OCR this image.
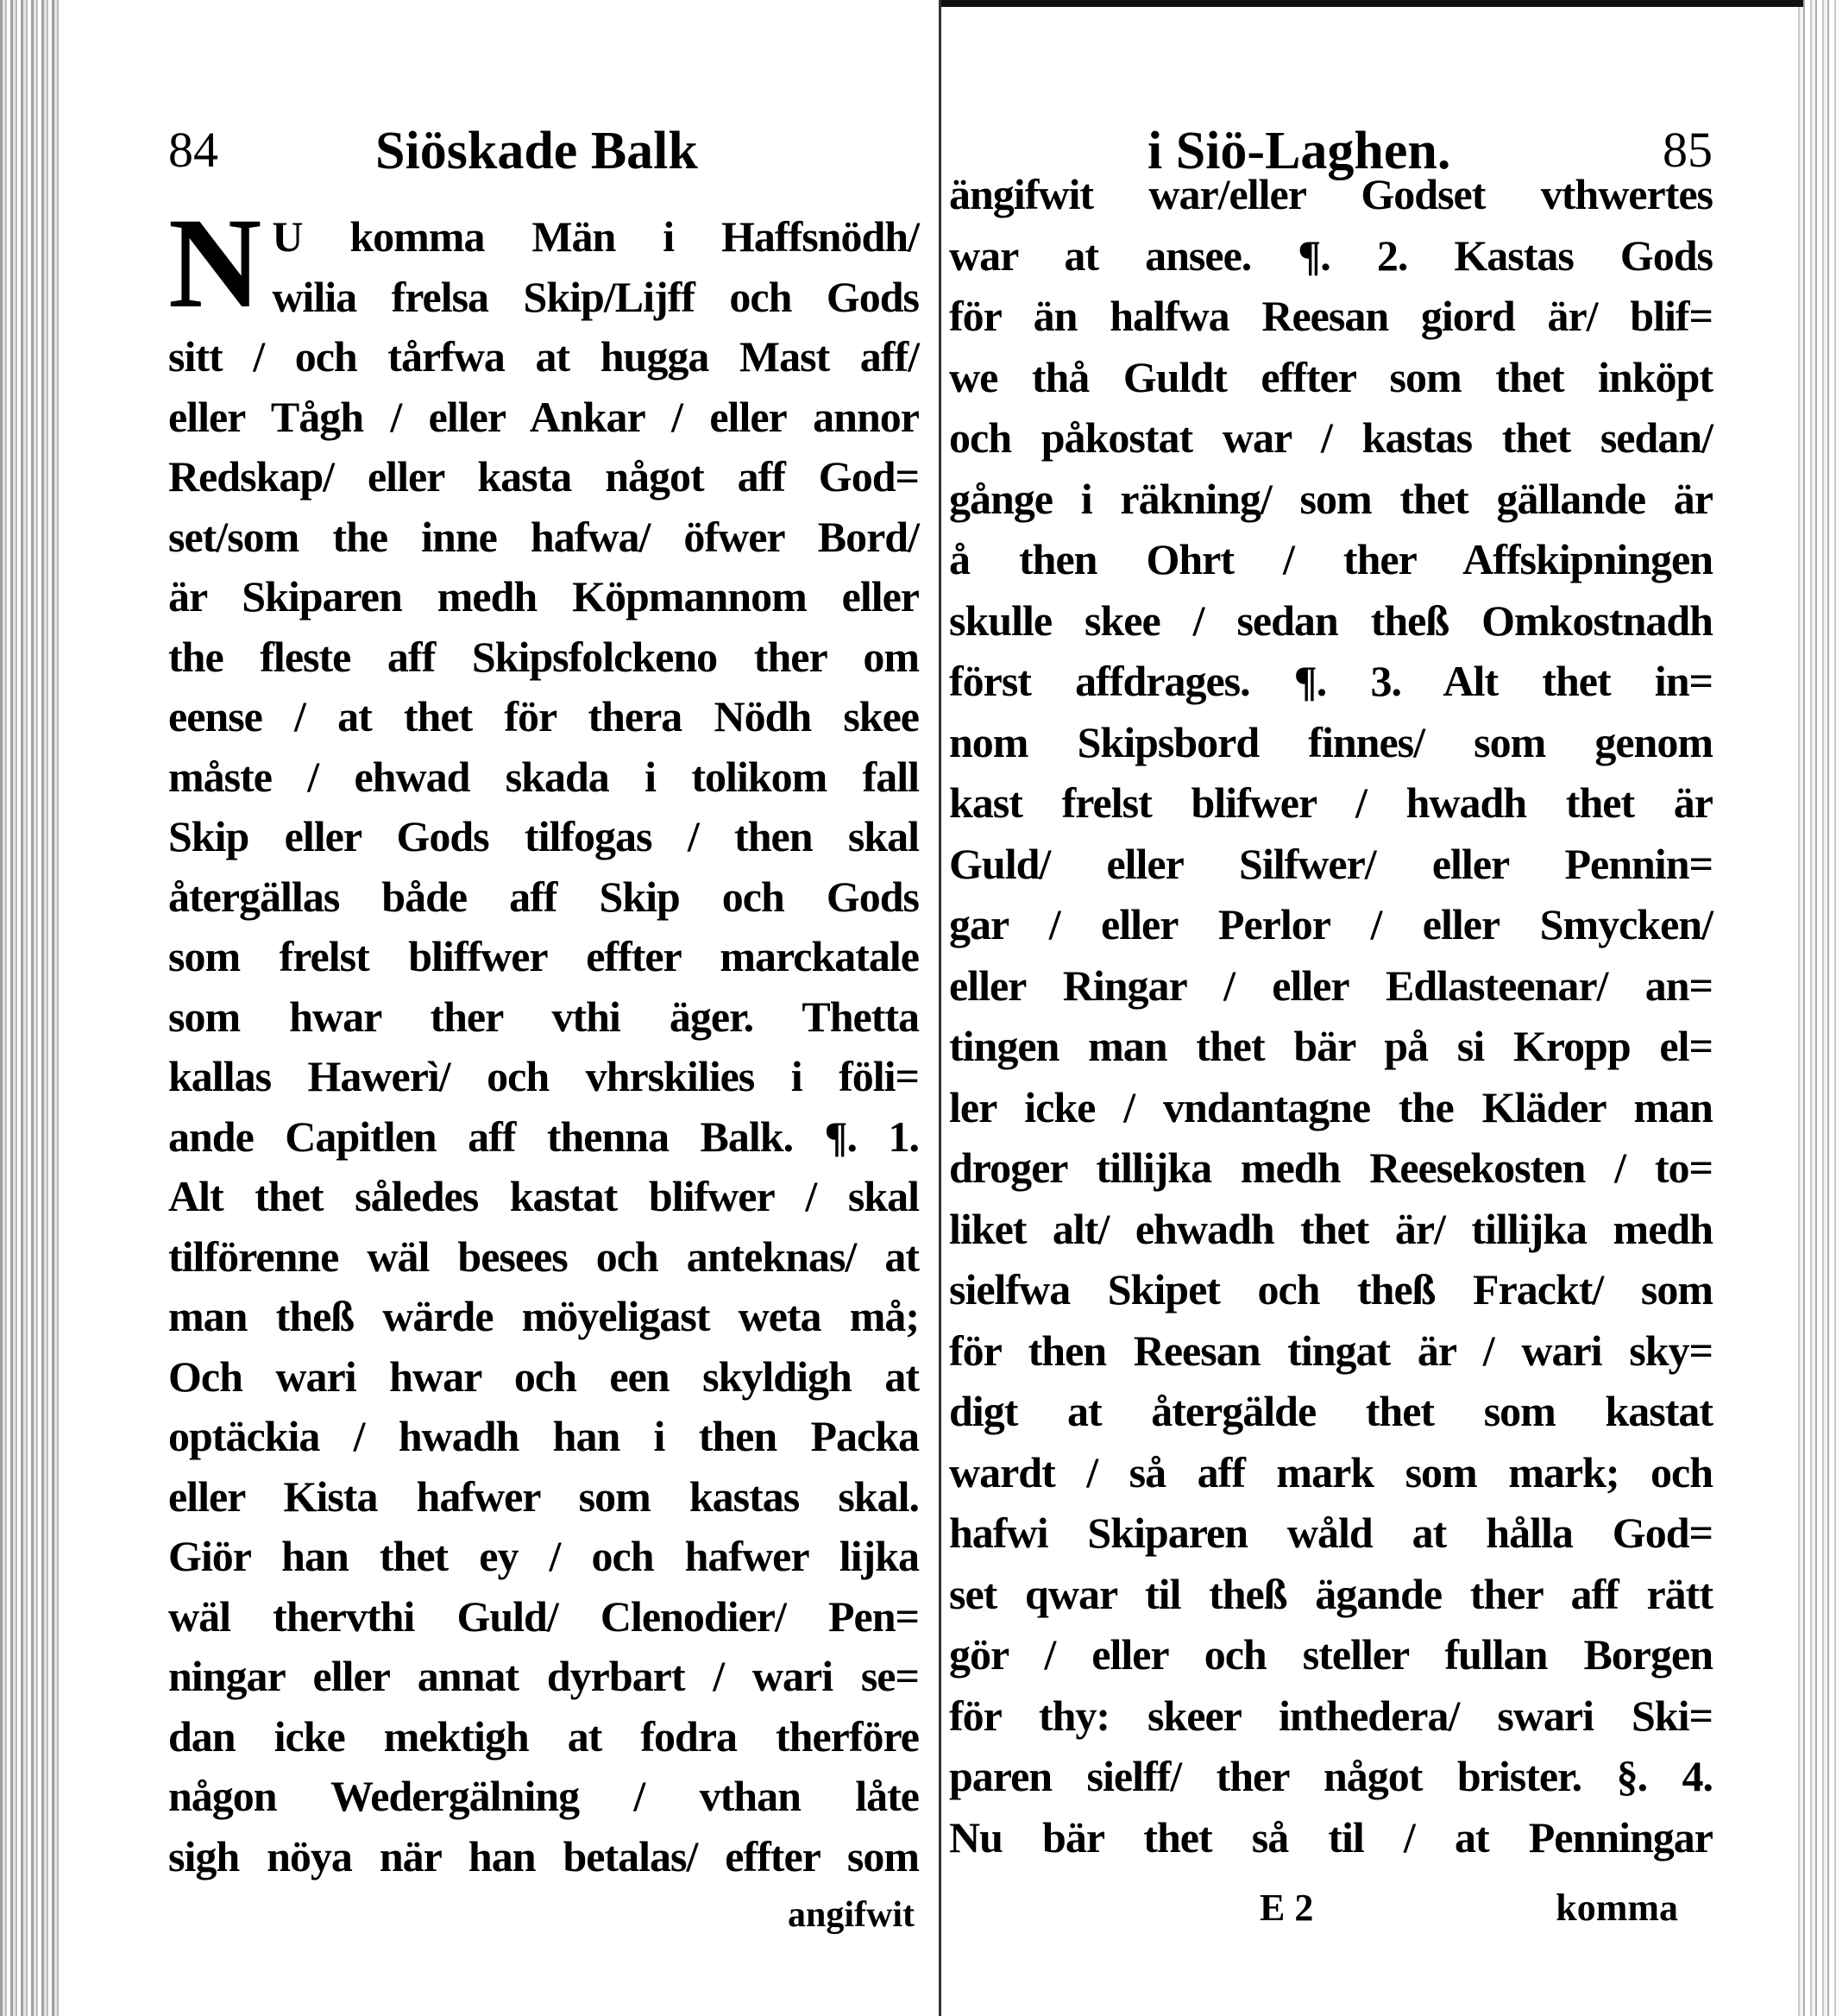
84	Siöskade Balk
N U komma Män i Haffsnödh/
wilia frelsa Skip/Lijff och Gods
sitt / och tårfwa at hugga Mast aff/
eller Tågh / eller Ankar / eller annor
Redskap/ eller kasta något aff God=
set/som the inne hafwa/ öfwer Bord/
är Skiparen medh Köpmannom eller
the fleste aff Skipsfolckeno ther om
eense / at thet för thera Nödh skee
måste / ehwad skada i tolikom fall
Skip eller Gods tilfogas / then skal
återgällas både aff Skip och Gods
som frelst bliffwer effter marckatale
som hwar ther vthi äger. Thetta
kallas Hawerì/ och vhrskilies i föli=
ande Capitlen aff thenna Balk. ¶. 1.
Alt thet således kastat blifwer / skal
tilförenne wäl besees och anteknas/ at
man theß wärde möyeligast weta må;
Och wari hwar och een skyldigh at
optäckia / hwadh han i then Packa
eller Kista hafwer som kastas skal.
Giör han thet ey / och hafwer lijka
wäl thervthi Guld/ Clenodier/ Pen=
ningar eller annat dyrbart / wari se=
dan icke mektigh at fodra therföre
någon Wedergälning / vthan låte
sigh nöya när han betalas/ effter som
angifwit
i Siö-Laghen.	85
ängifwit war/eller Godset vthwertes
war at ansee. ¶. 2. Kastas Gods
för än halfwa Reesan giord är/ blif=
we thå Guldt effter som thet inköpt
och påkostat war / kastas thet sedan/
gånge i räkning/ som thet gällande är
å then Ohrt / ther Affskipningen
skulle skee / sedan theß Omkostnadh
först affdrages. ¶. 3. Alt thet in=
nom Skipsbord finnes/ som genom
kast frelst blifwer / hwadh thet är
Guld/ eller Silfwer/ eller Pennin=
gar / eller Perlor / eller Smycken/
eller Ringar / eller Edlasteenar/ an=
tingen man thet bär på si Kropp el=
ler icke / vndantagne the Kläder man
droger tillijka medh Reesekosten / to=
liket alt/ ehwadh thet är/ tillijka medh
sielfwa Skipet och theß Frackt/ som
för then Reesan tingat är / wari sky=
digt at återgälde thet som kastat
wardt / så aff mark som mark; och
hafwi Skiparen wåld at hålla God=
set qwar til theß ägande ther aff rätt
gör / eller och steller fullan Borgen
för thy: skeer inthedera/ swari Ski=
paren sielff/ ther något brister. §. 4.
Nu bär thet så til / at Penningar
E 2	komma
